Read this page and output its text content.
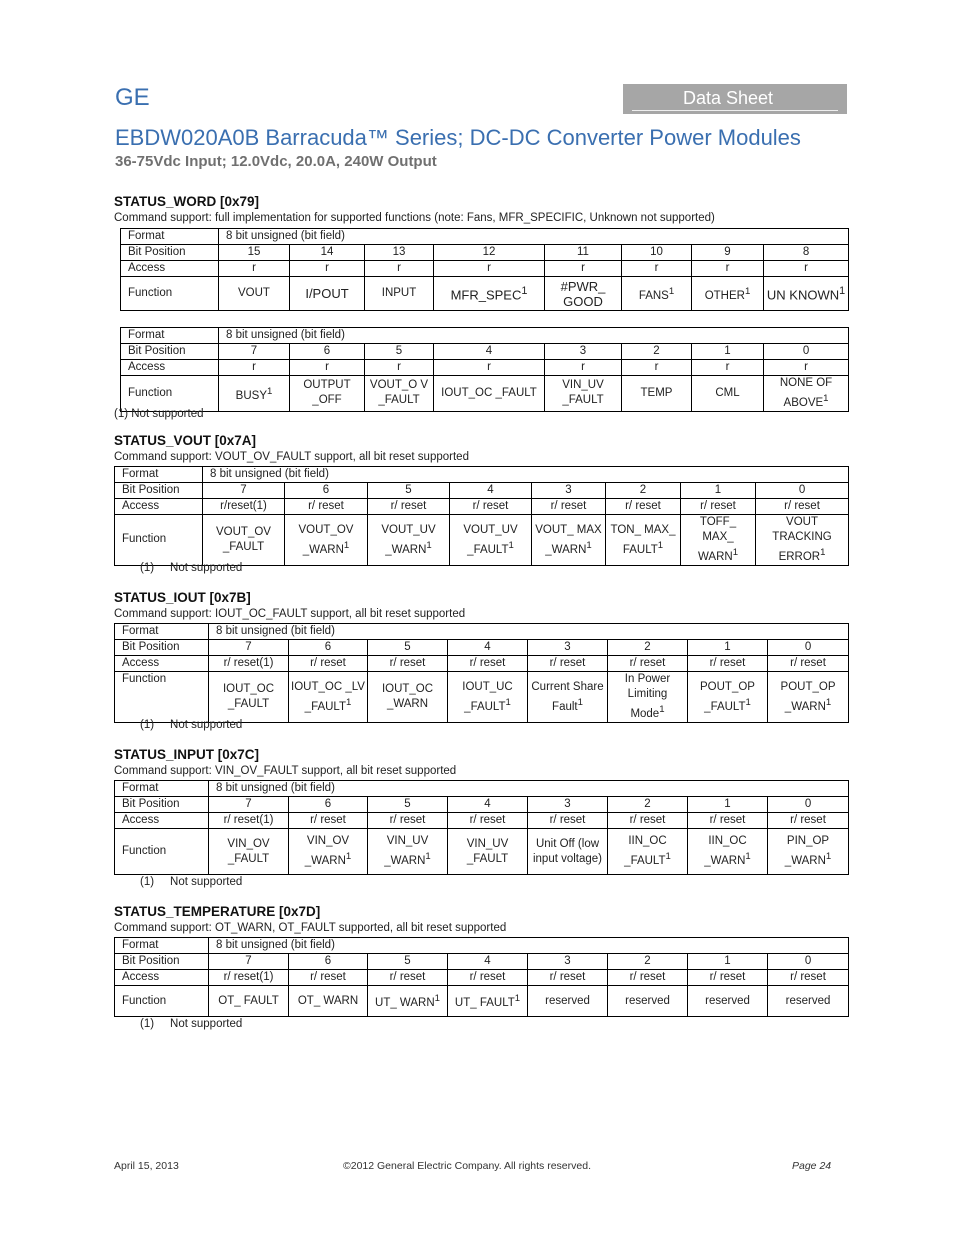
GE	Data Sheet
EBDW020A0B Barracuda™ Series; DC-DC Converter Power Modules
36-75Vdc Input; 12.0Vdc, 20.0A, 240W Output
STATUS_WORD [0x79]
Command support: full implementation for supported functions (note: Fans, MFR_SPECIFIC, Unknown not supported)
Format	8 bit unsigned (bit field)							
Bit Position	15	14	13	12	11	10	9	8
Access	r	r	r	r	r	r	r	r
Function	VOUT	I/POUT	INPUT	MFR_SPEC$^1$	#PWR_ GOOD	FANS$^1$	OTHER$^1$	UN KNOWN$^1$
Format	8 bit unsigned (bit field)							
Bit Position	7	6	5	4	3	2	1	0
Access	r	r	r	r	r	r	r	r
Function	BUSY$^1$	OUTPUT _OFF	VOUT_O V _FAULT	IOUT_OC _FAULT	VIN_UV _FAULT	TEMP	CML	NONE OF ABOVE$^1$
(1) Not supported
STATUS_VOUT [0x7A]
Command support: VOUT_OV_FAULT support, all bit reset supported
Format	8 bit unsigned (bit field)							
Bit Position	7	6	5	4	3	2	1	0
Access	r/reset(1)	r/ reset	r/ reset	r/ reset	r/ reset	r/ reset	r/ reset	r/ reset
Function	VOUT_OV _FAULT	VOUT_OV _WARN$^1$	VOUT_UV _WARN$^1$	VOUT_UV _FAULT$^1$	VOUT_ MAX _WARN$^1$	TON_ MAX_ FAULT$^1$	TOFF_ MAX_ WARN$^1$	VOUT TRACKING ERROR$^1$
(1) Not supported
STATUS_IOUT [0x7B]
Command support: IOUT_OC_FAULT support, all bit reset supported
Format	8 bit unsigned (bit field)							
Bit Position	7	6	5	4	3	2	1	0
Access	r/ reset(1)	r/ reset	r/ reset	r/ reset	r/ reset	r/ reset	r/ reset	r/ reset
Function	IOUT_OC _FAULT	IOUT_OC _LV _FAULT$^1$	IOUT_OC _WARN	IOUT_UC _FAULT$^1$	Current Share Fault$^1$	In Power Limiting Mode$^1$	POUT_OP _FAULT$^1$	POUT_OP _WARN$^1$
(1) Not supported
STATUS_INPUT [0x7C]
Command support: VIN_OV_FAULT support, all bit reset supported
Format	8 bit unsigned (bit field)							
Bit Position	7	6	5	4	3	2	1	0
Access	r/ reset(1)	r/ reset	r/ reset	r/ reset	r/ reset	r/ reset	r/ reset	r/ reset
Function	VIN_OV _FAULT	VIN_OV _WARN$^1$	VIN_UV _WARN$^1$	VIN_UV _FAULT	Unit Off (low input voltage)	IIN_OC _FAULT$^1$	IIN_OC _WARN$^1$	PIN_OP _WARN$^1$
(1) Not supported
STATUS_TEMPERATURE [0x7D]
Command support: OT_WARN, OT_FAULT supported, all bit reset supported
Format	8 bit unsigned (bit field)							
Bit Position	7	6	5	4	3	2	1	0
Access	r/ reset(1)	r/ reset	r/ reset	r/ reset	r/ reset	r/ reset	r/ reset	r/ reset
Function	OT_ FAULT	OT_ WARN	UT_ WARN$^1$	UT_ FAULT$^1$	reserved	reserved	reserved	reserved
(1) Not supported
April 15, 2013	©2012 General Electric Company. All rights reserved.	Page 24
